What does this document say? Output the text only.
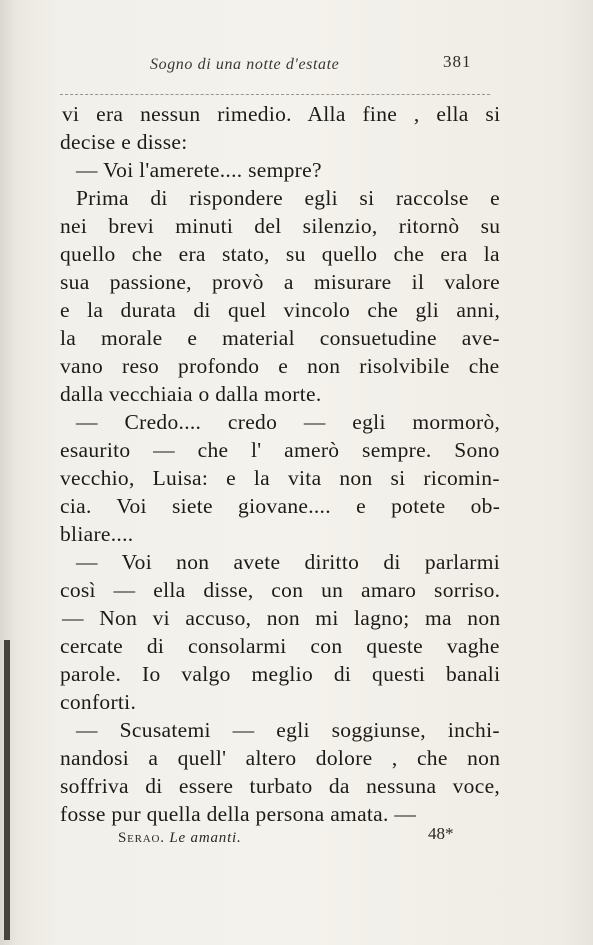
Sogno di una notte d'estate	381
vi era nessun rimedio. Alla fine , ella si
decise e disse:
— Voi l'amerete.... sempre?
Prima di rispondere egli si raccolse e
nei brevi minuti del silenzio, ritornò su
quello che era stato, su quello che era la
sua passione, provò a misurare il valore
e la durata di quel vincolo che gli anni,
la morale e material consuetudine ave-
vano reso profondo e non risolvibile che
dalla vecchiaia o dalla morte.
— Credo.... credo — egli mormorò,
esaurito — che l' amerò sempre. Sono
vecchio, Luisa: e la vita non si ricomin-
cia. Voi siete giovane.... e potete ob-
bliare....
— Voi non avete diritto di parlarmi
così — ella disse, con un amaro sorriso.
— Non vi accuso, non mi lagno; ma non
cercate di consolarmi con queste vaghe
parole. Io valgo meglio di questi banali
conforti.
— Scusatemi — egli soggiunse, inchi-
nandosi a quell' altero dolore , che non
soffriva di essere turbato da nessuna voce,
fosse pur quella della persona amata. —
Serao. Le amanti.	48*
